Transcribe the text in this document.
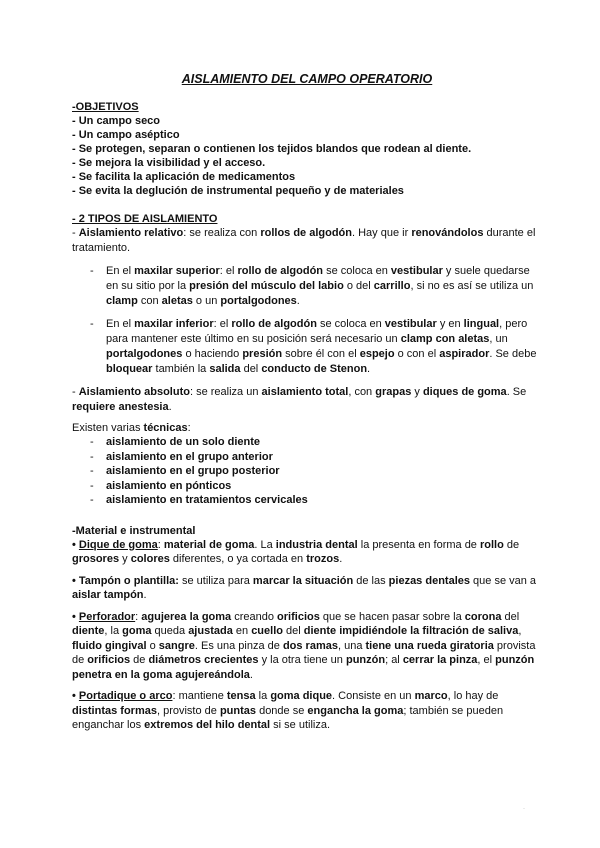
AISLAMIENTO DEL CAMPO OPERATORIO
-OBJETIVOS
- Un campo seco
- Un campo aséptico
- Se protegen, separan o contienen los tejidos blandos que rodean al diente.
- Se mejora la visibilidad y el acceso.
- Se facilita la aplicación de medicamentos
- Se evita la deglución de instrumental pequeño y de materiales
- 2 TIPOS DE AISLAMIENTO

- Aislamiento relativo: se realiza con rollos de algodón. Hay que ir renovándolos durante el tratamiento.

- En el maxilar superior: el rollo de algodón se coloca en vestibular y suele quedarse en su sitio por la presión del músculo del labio o del carrillo, si no es así se utiliza un clamp con aletas o un portalgodones.
- En el maxilar inferior: el rollo de algodón se coloca en vestibular y en lingual, pero para mantener este último en su posición será necesario un clamp con aletas, un portalgodones o haciendo presión sobre él con el espejo o con el aspirador. Se debe bloquear también la salida del conducto de Stenon.

- Aislamiento absoluto: se realiza un aislamiento total, con grapas y diques de goma. Se requiere anestesia.

Existen varias técnicas:

- aislamiento de un solo diente
- aislamiento en el grupo anterior
- aislamiento en el grupo posterior
- aislamiento en pónticos
- aislamiento en tratamientos cervicales
-Material e instrumental

• Dique de goma: material de goma. La industria dental la presenta en forma de rollo de grosores y colores diferentes, o ya cortada en trozos.

• Tampón o plantilla: se utiliza para marcar la situación de las piezas dentales que se van a aislar tampón.

• Perforador: agujerea la goma creando orificios que se hacen pasar sobre la corona del diente, la goma queda ajustada en cuello del diente impidiéndole la filtración de saliva, fluido gingival o sangre. Es una pinza de dos ramas, una tiene una rueda giratoria provista de orificios de diámetros crecientes y la otra tiene un punzón; al cerrar la pinza, el punzón penetra en la goma agujereándola.

• Portadique o arco: mantiene tensa la goma dique. Consiste en un marco, lo hay de distintas formas, provisto de puntas donde se engancha la goma; también se pueden enganchar los extremos del hilo dental si se utiliza.

·
